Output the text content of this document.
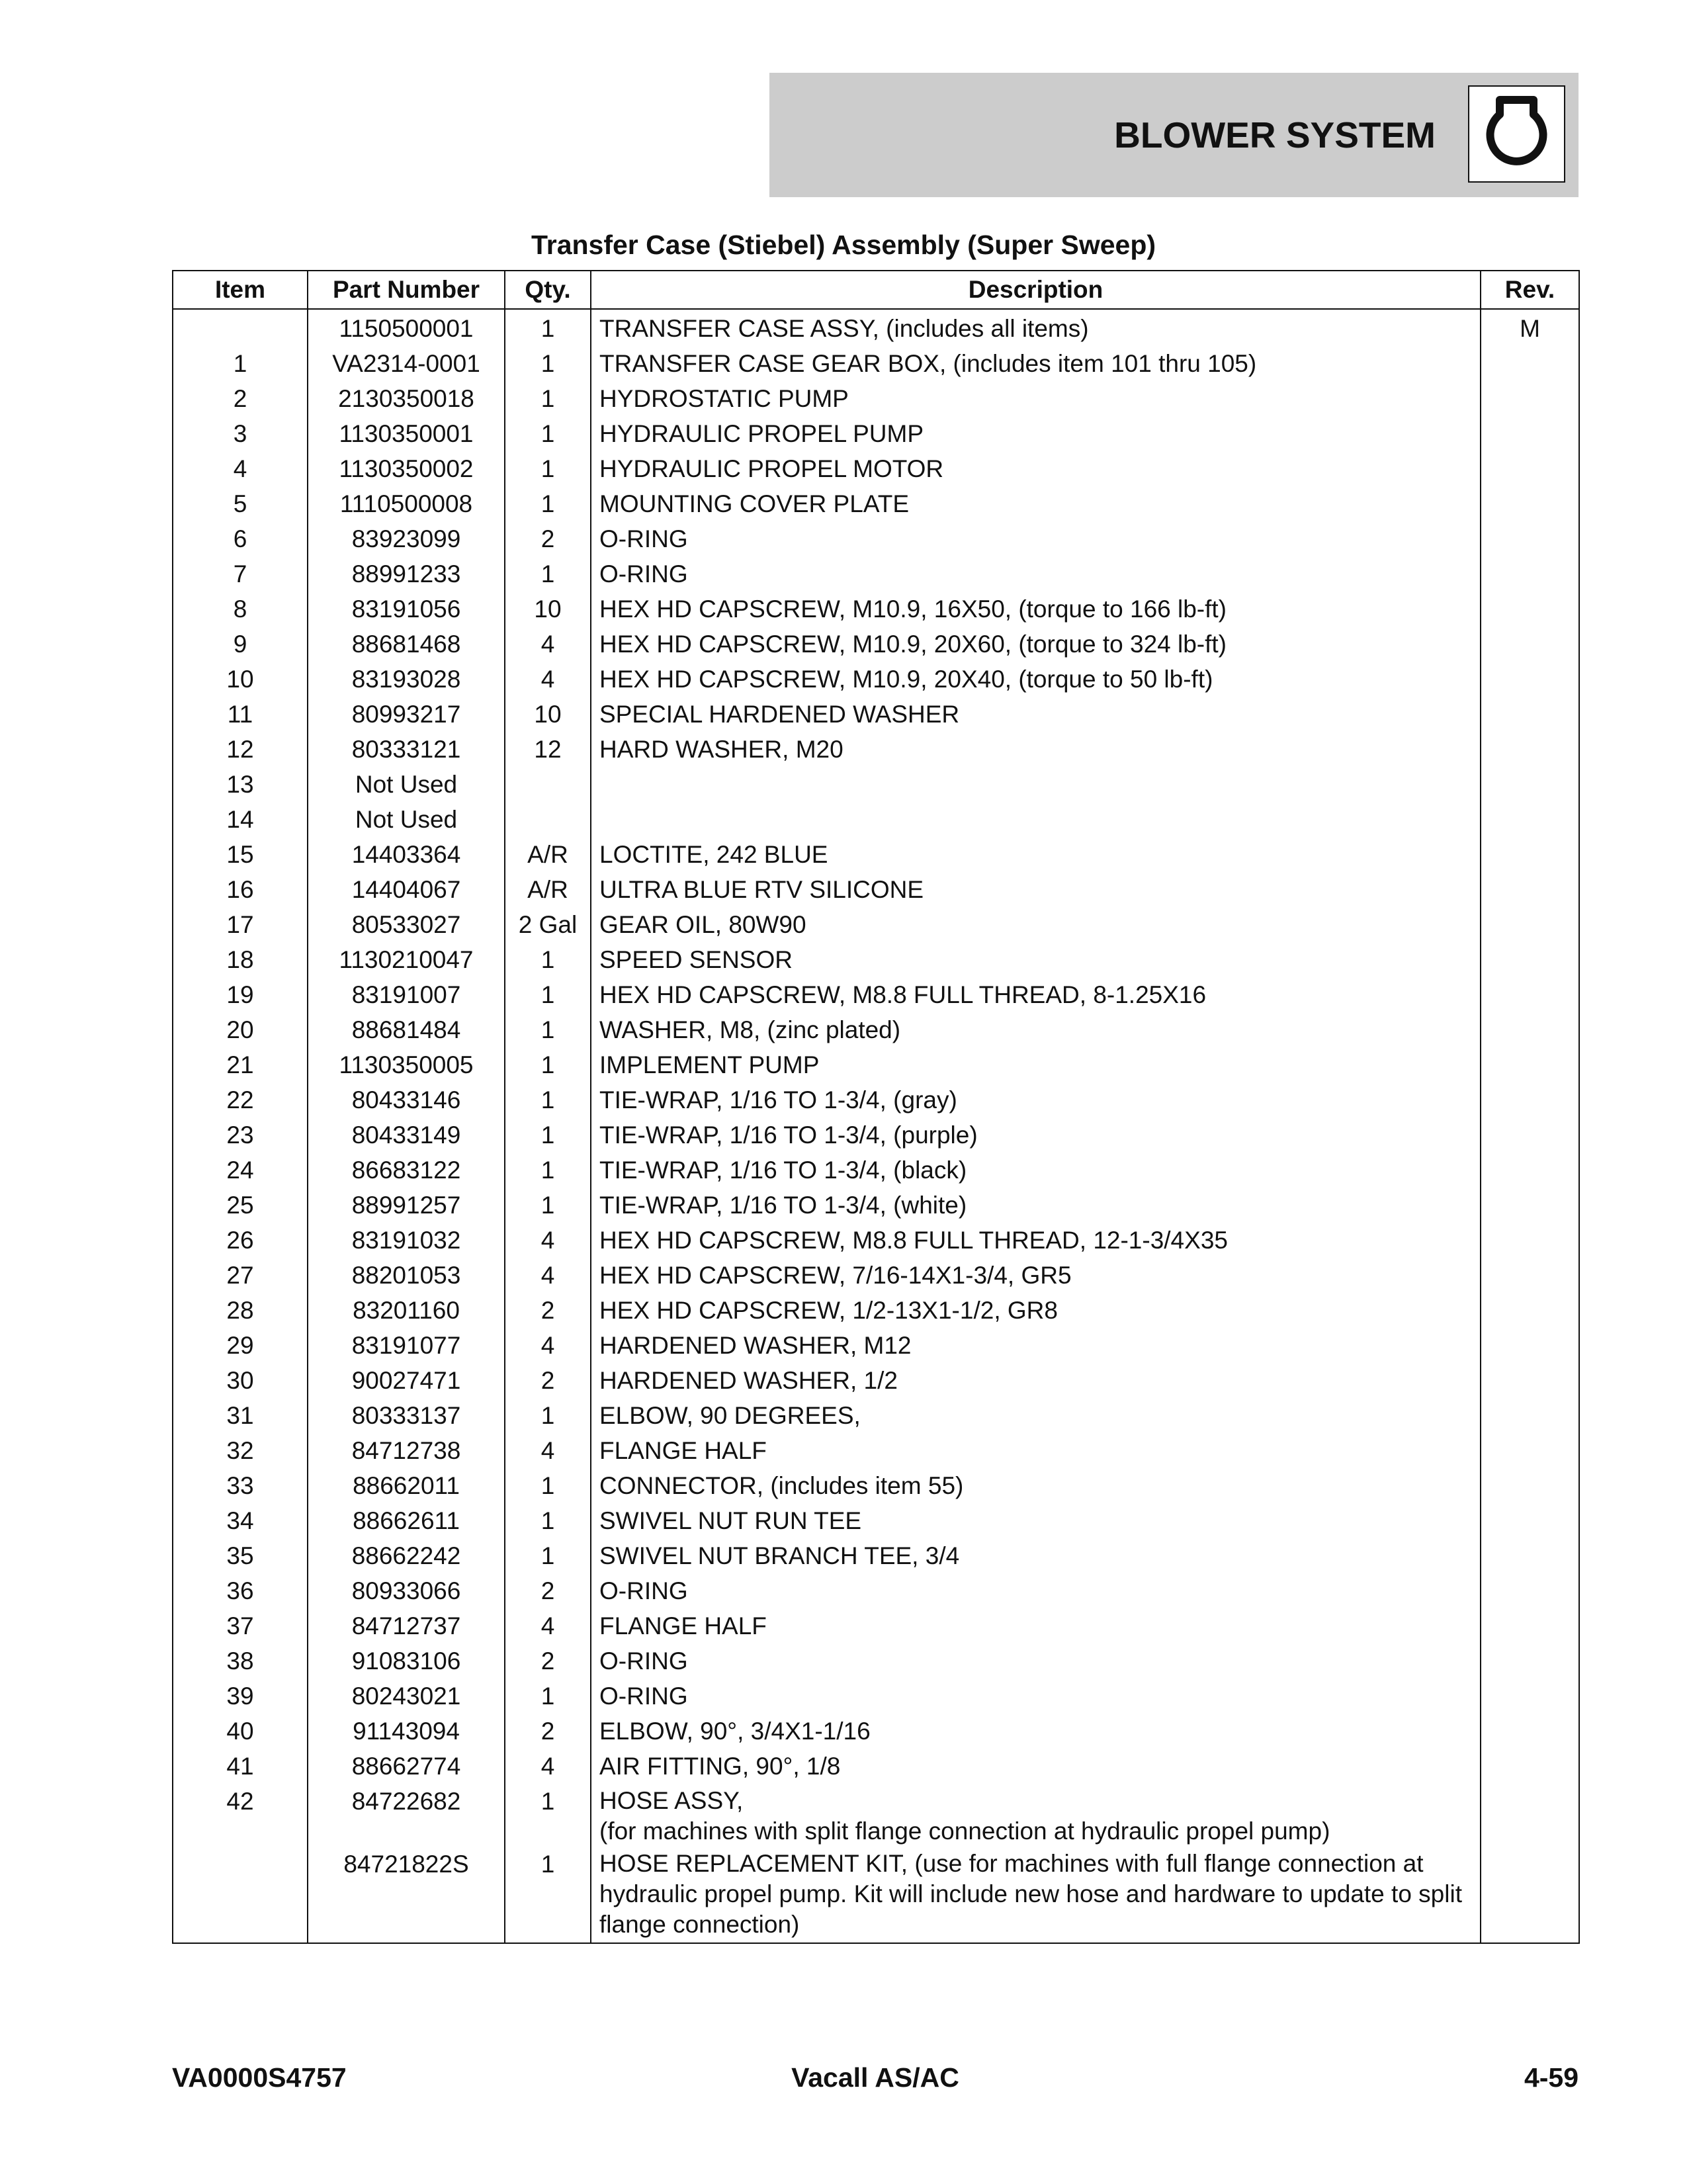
BLOWER SYSTEM
Transfer Case (Stiebel) Assembly (Super Sweep)
Item	Part Number	Qty.	Description	Rev.
	1150500001	1	TRANSFER CASE ASSY, (includes all items)	M
1	VA2314-0001	1	TRANSFER CASE GEAR BOX, (includes item 101 thru 105)	
2	2130350018	1	HYDROSTATIC PUMP	
3	1130350001	1	HYDRAULIC PROPEL PUMP	
4	1130350002	1	HYDRAULIC PROPEL MOTOR	
5	1110500008	1	MOUNTING COVER PLATE	
6	83923099	2	O-RING	
7	88991233	1	O-RING	
8	83191056	10	HEX HD CAPSCREW, M10.9, 16X50, (torque to 166 lb-ft)	
9	88681468	4	HEX HD CAPSCREW, M10.9, 20X60, (torque to 324 lb-ft)	
10	83193028	4	HEX HD CAPSCREW, M10.9, 20X40, (torque to 50 lb-ft)	
11	80993217	10	SPECIAL HARDENED WASHER	
12	80333121	12	HARD WASHER, M20	
13	Not Used			
14	Not Used			
15	14403364	A/R	LOCTITE, 242 BLUE	
16	14404067	A/R	ULTRA BLUE RTV SILICONE	
17	80533027	2 Gal	GEAR OIL, 80W90	
18	1130210047	1	SPEED SENSOR	
19	83191007	1	HEX HD CAPSCREW, M8.8 FULL THREAD, 8-1.25X16	
20	88681484	1	WASHER, M8, (zinc plated)	
21	1130350005	1	IMPLEMENT PUMP	
22	80433146	1	TIE-WRAP, 1/16 TO 1-3/4, (gray)	
23	80433149	1	TIE-WRAP, 1/16 TO 1-3/4, (purple)	
24	86683122	1	TIE-WRAP, 1/16 TO 1-3/4, (black)	
25	88991257	1	TIE-WRAP, 1/16 TO 1-3/4, (white)	
26	83191032	4	HEX HD CAPSCREW, M8.8 FULL THREAD, 12-1-3/4X35	
27	88201053	4	HEX HD CAPSCREW, 7/16-14X1-3/4, GR5	
28	83201160	2	HEX HD CAPSCREW, 1/2-13X1-1/2, GR8	
29	83191077	4	HARDENED WASHER, M12	
30	90027471	2	HARDENED WASHER, 1/2	
31	80333137	1	ELBOW, 90 DEGREES,	
32	84712738	4	FLANGE HALF	
33	88662011	1	CONNECTOR, (includes item 55)	
34	88662611	1	SWIVEL NUT RUN TEE	
35	88662242	1	SWIVEL NUT BRANCH TEE, 3/4	
36	80933066	2	O-RING	
37	84712737	4	FLANGE HALF	
38	91083106	2	O-RING	
39	80243021	1	O-RING	
40	91143094	2	ELBOW, 90°, 3/4X1-1/16	
41	88662774	4	AIR FITTING, 90°, 1/8	
42	84722682	1	HOSE ASSY,
(for machines with split flange connection at hydraulic propel pump)	

	84721822S	1	HOSE REPLACEMENT KIT, (use for machines with full flange connection at hydraulic propel pump. Kit will include new hose and hardware to update to split flange connection)	

VA0000S4757	Vacall AS/AC	4-59
